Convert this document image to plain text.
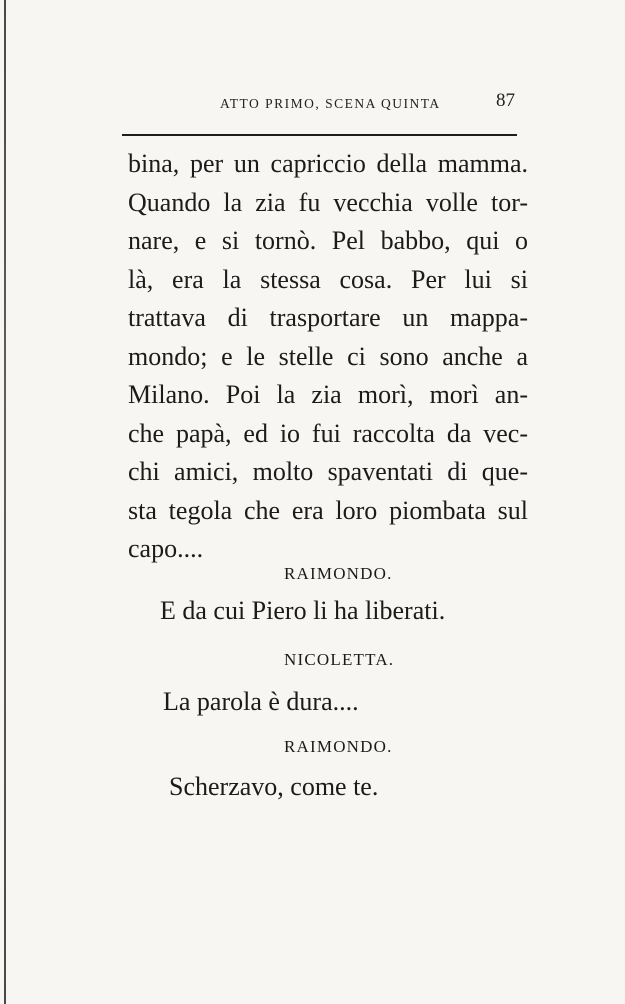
ATTO PRIMO, SCENA QUINTA	87
bina, per un capriccio della mamma.
Quando la zia fu vecchia volle tor-
nare, e si tornò. Pel babbo, qui o
là, era la stessa cosa. Per lui si
trattava di trasportare un mappa-
mondo; e le stelle ci sono anche a
Milano. Poi la zia morì, morì an-
che papà, ed io fui raccolta da vec-
chi amici, molto spaventati di que-
sta tegola che era loro piombata sul
capo....
RAIMONDO.
E da cui Piero li ha liberati.
NICOLETTA.
La parola è dura....
RAIMONDO.
Scherzavo, come te.
